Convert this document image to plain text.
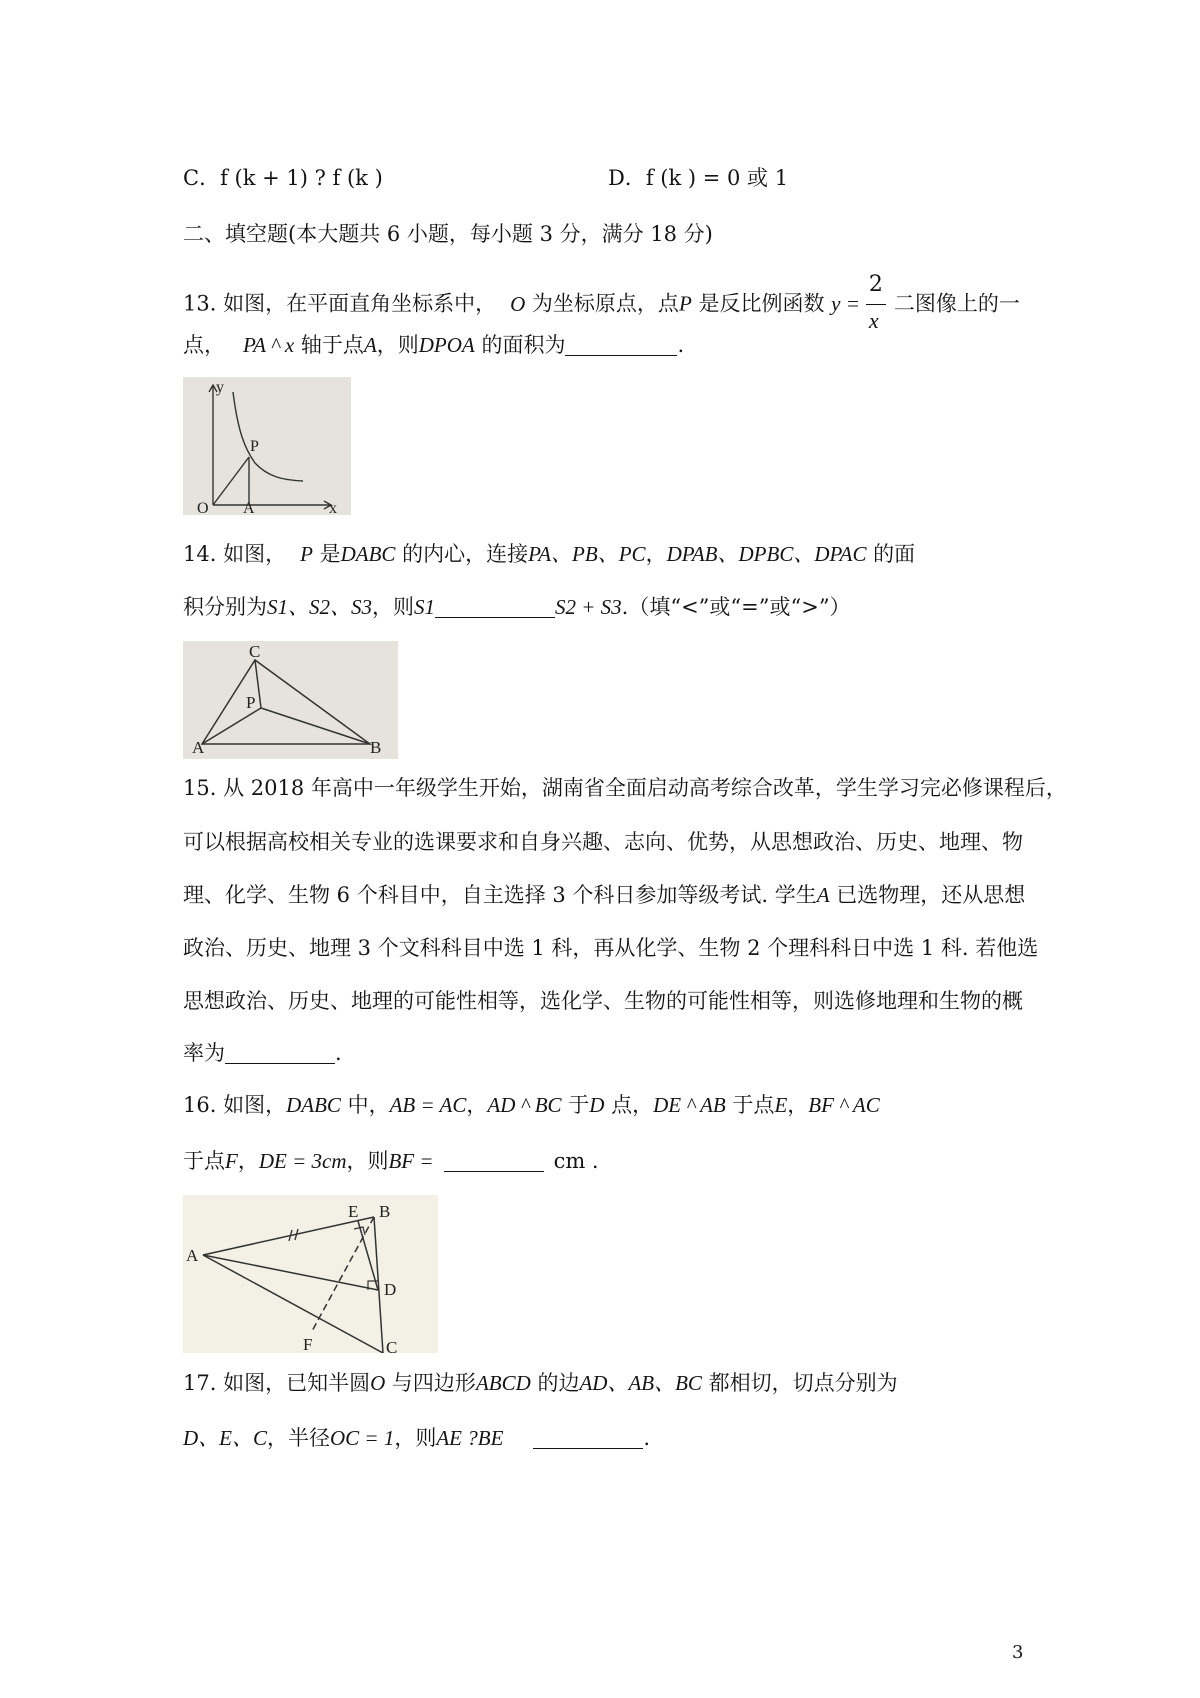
C．f (k + 1) ? f (k )	D．f (k ) = 0 或 1
二、填空题(本大题共 6 小题，每小题 3 分，满分 18 分)
13. 如图，在平面直角坐标系中， O 为坐标原点，点P 是反比例函数 $y = \frac{2}{x}$ 二图像上的一
点， PA ^ x 轴于点A，则DPOA 的面积为	.
y
P
O A	x
14. 如图， P 是DABC 的内心，连接PA、PB、PC，DPAB、DPBC、DPAC 的面
积分别为S1、S2、S3，则S1	S2 + S3.（填“<”或“=”或“>”）
C
P
A	B
15. 从 2018 年高中一年级学生开始，湖南省全面启动高考综合改革，学生学习完必修课程后，
可以根据高校相关专业的选课要求和自身兴趣、志向、优势，从思想政治、历史、地理、物
理、化学、生物 6 个科目中，自主选择 3 个科日参加等级考试. 学生A 已选物理，还从思想
政治、历史、地理 3 个文科科目中选 1 科，再从化学、生物 2 个理科科日中选 1 科. 若他选
思想政治、历史、地理的可能性相等，选化学、生物的可能性相等，则选修地理和生物的概
率为	.
16. 如图，DABC 中，AB = AC，AD ^ BC 于D 点，DE ^ AB 于点E，BF ^ AC
于点F，DE = 3cm，则BF =	cm .
E B
A
D
F	C
17. 如图，已知半圆O 与四边形ABCD 的边AD、AB、BC 都相切，切点分别为
D、E、C，半径OC = 1，则AE ?BE	.
3
